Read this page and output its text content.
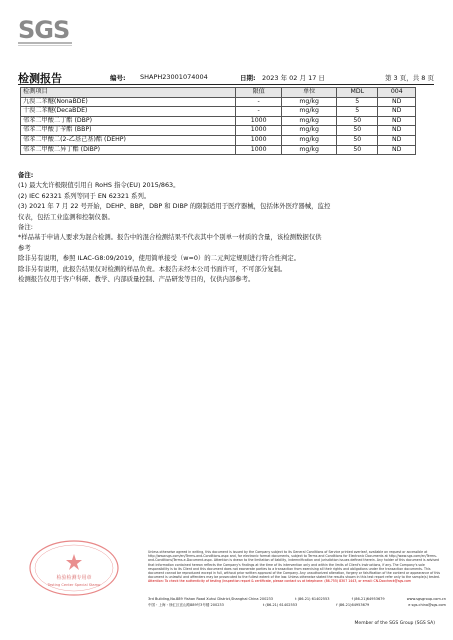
SGS
检测报告	编号: SHAPH23001074004	日期: 2023 年 02 月 17 日	第 3 页，共 8 页
检测项目	限值	单位	MDL	004
九溴二苯醚(NonaBDE)	-	mg/kg	5	ND
十溴二苯醚(DecaBDE)	-	mg/kg	5	ND
邻苯二甲酸二丁酯 (DBP)	1000	mg/kg	50	ND
邻苯二甲酸丁苄酯 (BBP)	1000	mg/kg	50	ND
邻苯二甲酸二(2-乙基己基)酯 (DEHP)	1000	mg/kg	50	ND
邻苯二甲酸二异丁酯 (DIBP)	1000	mg/kg	50	ND
备注:
(1) 最大允许极限值引用自 RoHS 指令(EU) 2015/863。
(2) IEC 62321 系列等同于 EN 62321 系列。
(3) 2021 年 7 月 22 号开始，DEHP、BBP，DBP 和 DIBP 的限制适用于医疗器械，包括体外医疗器械，监控
仪表，包括工业监测和控制仪器。
备注:
*样品基于申请人要求为混合检测。报告中的混合检测结果不代表其中个别单一材质的含量，该检测数据仅供
参考
除非另有说明，参照 ILAC-G8:09/2019，使用简单接受（w=0）的二元判定规则进行符合性判定。
除非另有说明，此报告结果仅对检测的样品负责。本报告未经本公司书面许可，不可部分复制。
检测报告仅用于客户科研、教学、内部质量控制、产品研发等目的，仅供内部参考。
检验检测专用章
Testing Center Special Stamp
Unless otherwise agreed in writing, this document is issued by the Company subject to its General Conditions of Service printed overleaf, available on request or accessible at http://www.sgs.com/en/Terms-and-Conditions.aspx and, for electronic format documents, subject to Terms and Conditions for Electronic Documents at http://www.sgs.com/en/Terms-and-Conditions/Terms-e-Document.aspx. Attention is drawn to the limitation of liability, indemnification and jurisdiction issues defined therein. Any holder of this document is advised that information contained hereon reflects the Company's findings at the time of its intervention only and within the limits of Client's instructions, if any. The Company's sole responsibility is to its Client and this document does not exonerate parties to a transaction from exercising all their rights and obligations under the transaction documents. This document cannot be reproduced except in full, without prior written approval of the Company. Any unauthorized alteration, forgery or falsification of the content or appearance of this document is unlawful and offenders may be prosecuted to the fullest extent of the law. Unless otherwise stated the results shown in this test report refer only to the sample(s) tested. Attention: To check the authenticity of testing /inspection report & certificate, please contact us at telephone: (86-755) 8307 1443, or email: CN.Doccheck@sgs.com
3rd Building,No.889 Yishan Road Xuhui District,Shanghai China 200233	t (86-21) 61402553	f (86-21)64953679	www.sgsgroup.com.cn
中国・上海・徐汇区宜山路889号3号楼 200233	t (86-21) 61402553	f (86-21)64953679	e sgs.china@sgs.com
Member of the SGS Group (SGS SA)
